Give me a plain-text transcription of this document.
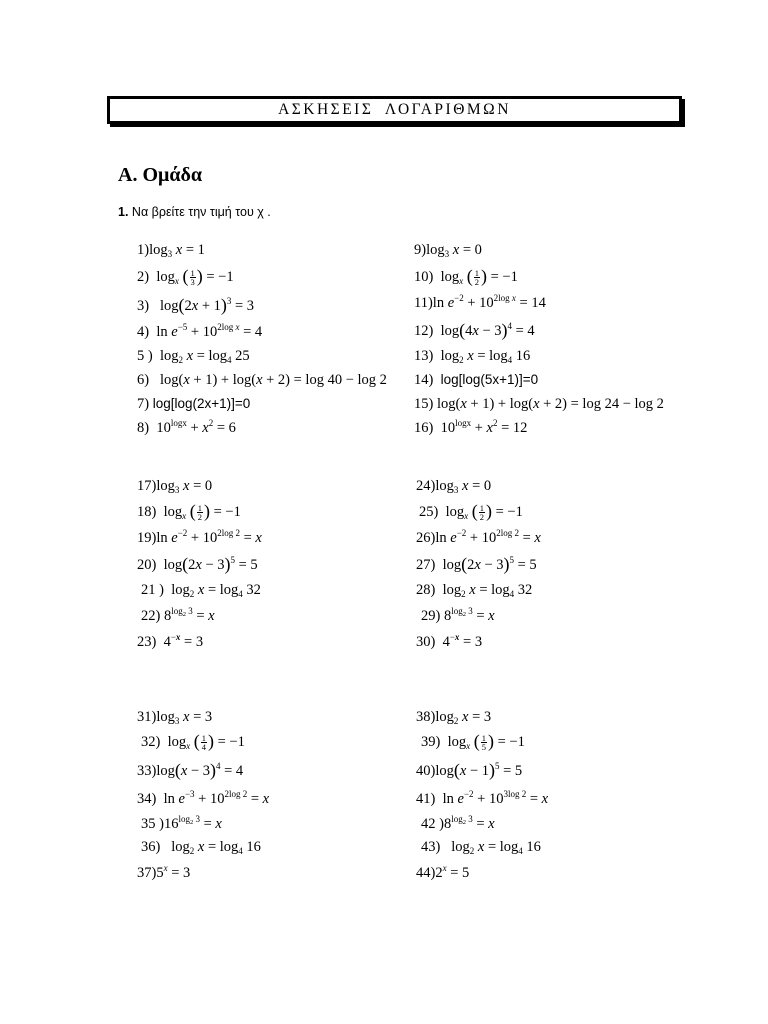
ΑΣΚΗΣΕΙΣ ΛΟΓΑΡΙΘΜΩΝ
Α. Ομάδα
1. Να βρείτε την τιμή του χ .
$1)\log_3$ x = 1
2)  $\log_x$ ( $\frac{1}{3}$ ) = −1
3)   $\log(2x + 1)^3 = 3$
4)  $\ln e^{-5} + 10^{2log x} = 4$
5 )  $\log_2 x = \log_4 25$
6)   log(x + 1) + log(x + 2) = log 40 − log 2
7) log[log(2x+1)]=0
8)  $10^{logx} + x^2 = 6$
$9)\log_3$ x = 0
10)  $\log_x$ ( $\frac{1}{2}$ ) = −1
11)ln $e^{-2} + 10^{2log x} = 14$
12)  $\log(4x - 3)^4 = 4$
13)  $\log_2 x = \log_4 16$
14) log[log(5x+1)]=0
15) log(x + 1) + log(x + 2) = log 24 − log 2
16)  $10^{logx} + x^2 = 12$
$17)\log_3$ x = 0
18)  $\log_x$ ( $\frac{1}{2}$ ) = −1
19)ln $e^{-2} + 10^{2log 2} = x$
20)  $\log(2x - 3)^5 = 5$
21 )  $\log_2 x = \log_4 32$
22) $8^{log_2 3} = x$
23)  $4^{-x} = 3$
$24)\log_3$ x = 0
25)  $\log_x$ ( $\frac{1}{2}$ ) = −1
26)ln $e^{-2} + 10^{2log 2} = x$
27)  $\log(2x - 3)^5 = 5$
28)  $\log_2 x = \log_4 32$
29) $8^{log_2 3} = x$
30)  $4^{-x} = 3$
$31)\log_3$ x = 3
32)  $\log_x$ ( $\frac{1}{4}$ ) = −1
$33)\log(x - 3)^4 = 4$
34)  $\ln e^{-3} + 10^{2log 2} = x$
35 )$16^{log_2 3} = x$
36)   $\log_2 x = \log_4 16$
$37)5^x = 3$
$38)\log_2$ x = 3
39)  $\log_x$ ( $\frac{1}{5}$ ) = −1
$40)\log(x - 1)^5 = 5$
41)  $\ln e^{-2} + 10^{3log 2} = x$
42 )$8^{log_2 3} = x$
43)   $\log_2 x = \log_4 16$
$44)2^x = 5$
